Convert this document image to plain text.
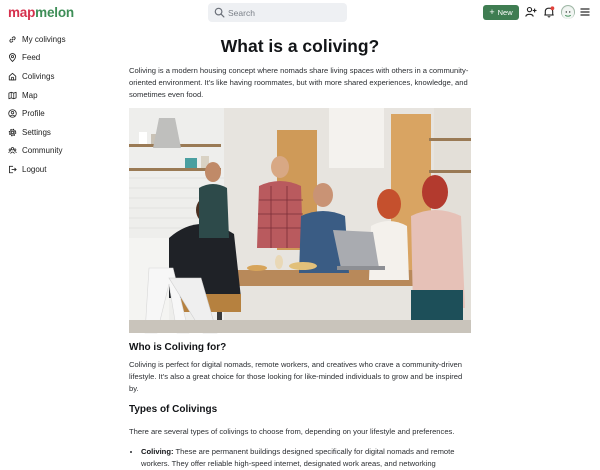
mapmelon
Search	+ New
My colivings
Feed
Colivings
Map
Profile
Settings
Community
Logout
What is a coliving?

Coliving is a modern housing concept where nomads share living spaces with others in a community-oriented environment. It's like having roommates, but with more shared experiences, knowledge, and sometimes even food.

Who is Coliving for?

Coliving is perfect for digital nomads, remote workers, and creatives who crave a community-driven lifestyle. It's also a great choice for those looking for like-minded individuals to grow and be inspired by.

Types of Colivings

There are several types of colivings to choose from, depending on your lifestyle and preferences.

• Coliving: These are permanent buildings designed specifically for digital nomads and remote workers. They offer reliable high-speed internet, designated work areas, and networking
